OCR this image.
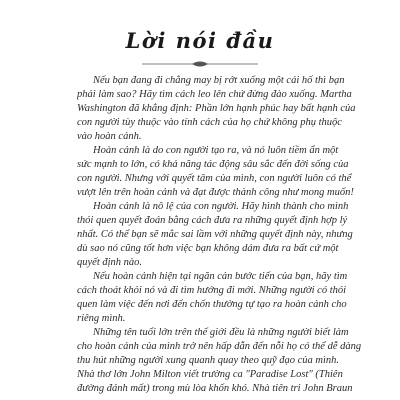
Lời nói đầu
Nếu bạn đang đi chẳng may bị rớt xuống một cái hố thì bạn
phải làm sao? Hãy tìm cách leo lên chứ đừng đào xuống. Martha
Washington đã khẳng định: Phần lớn hạnh phúc hay bất hạnh của
con người tùy thuộc vào tính cách của họ chứ không phụ thuộc
vào hoàn cảnh.
Hoàn cảnh là do con người tạo ra, và nó luôn tiềm ẩn một
sức mạnh to lớn, có khả năng tác động sâu sắc đến đời sống của
con người. Nhưng với quyết tâm của mình, con người luôn có thể
vượt lên trên hoàn cảnh và đạt được thành công như mong muốn!
Hoàn cảnh là nô lệ của con người. Hãy hình thành cho mình
thói quen quyết đoán bằng cách đưa ra những quyết định hợp lý
nhất. Có thể bạn sẽ mắc sai lầm với những quyết định này, nhưng
dù sao nó cũng tốt hơn việc bạn không dám đưa ra bất cứ một
quyết định nào.
Nếu hoàn cảnh hiện tại ngăn cản bước tiến của bạn, hãy tìm
cách thoát khỏi nó và đi tìm hướng đi mới. Những người có thói
quen làm việc đến nơi đến chốn thường tự tạo ra hoàn cảnh cho
riêng mình.
Những tên tuổi lớn trên thế giới đều là những người biết làm
cho hoàn cảnh của mình trở nên hấp dẫn đến nỗi họ có thể dễ dàng
thu hút những người xung quanh quay theo quỹ đạo của mình.
Nhà thơ lớn John Milton viết trường ca "Paradise Lost" (Thiên
đường đánh mất) trong mù lòa khốn khó. Nhà tiên tri John Braun
